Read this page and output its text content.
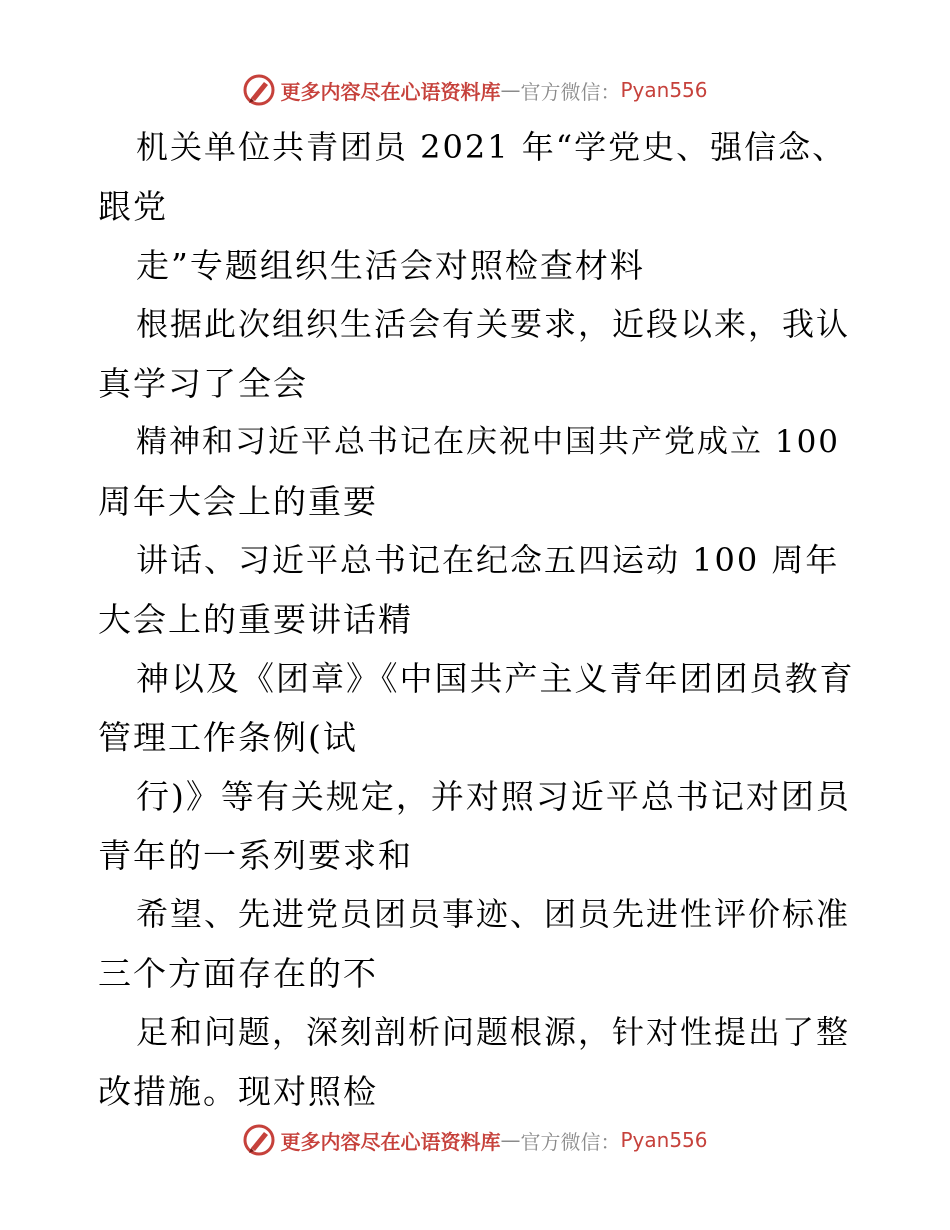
更多内容尽在心语资料库 — 官方微信： Pyan556
机关单位共青团员 2021 年“学党史、强信念、
跟党
走”专题组织生活会对照检查材料
根据此次组织生活会有关要求，近段以来，我认
真学习了全会
精神和习近平总书记在庆祝中国共产党成立 100
周年大会上的重要
讲话、习近平总书记在纪念五四运动 100 周年
大会上的重要讲话精
神以及《团章》《中国共产主义青年团团员教育
管理工作条例(试
行)》等有关规定，并对照习近平总书记对团员
青年的一系列要求和
希望、先进党员团员事迹、团员先进性评价标准
三个方面存在的不
足和问题，深刻剖析问题根源，针对性提出了整
改措施。现对照检
更多内容尽在心语资料库 — 官方微信： Pyan556
